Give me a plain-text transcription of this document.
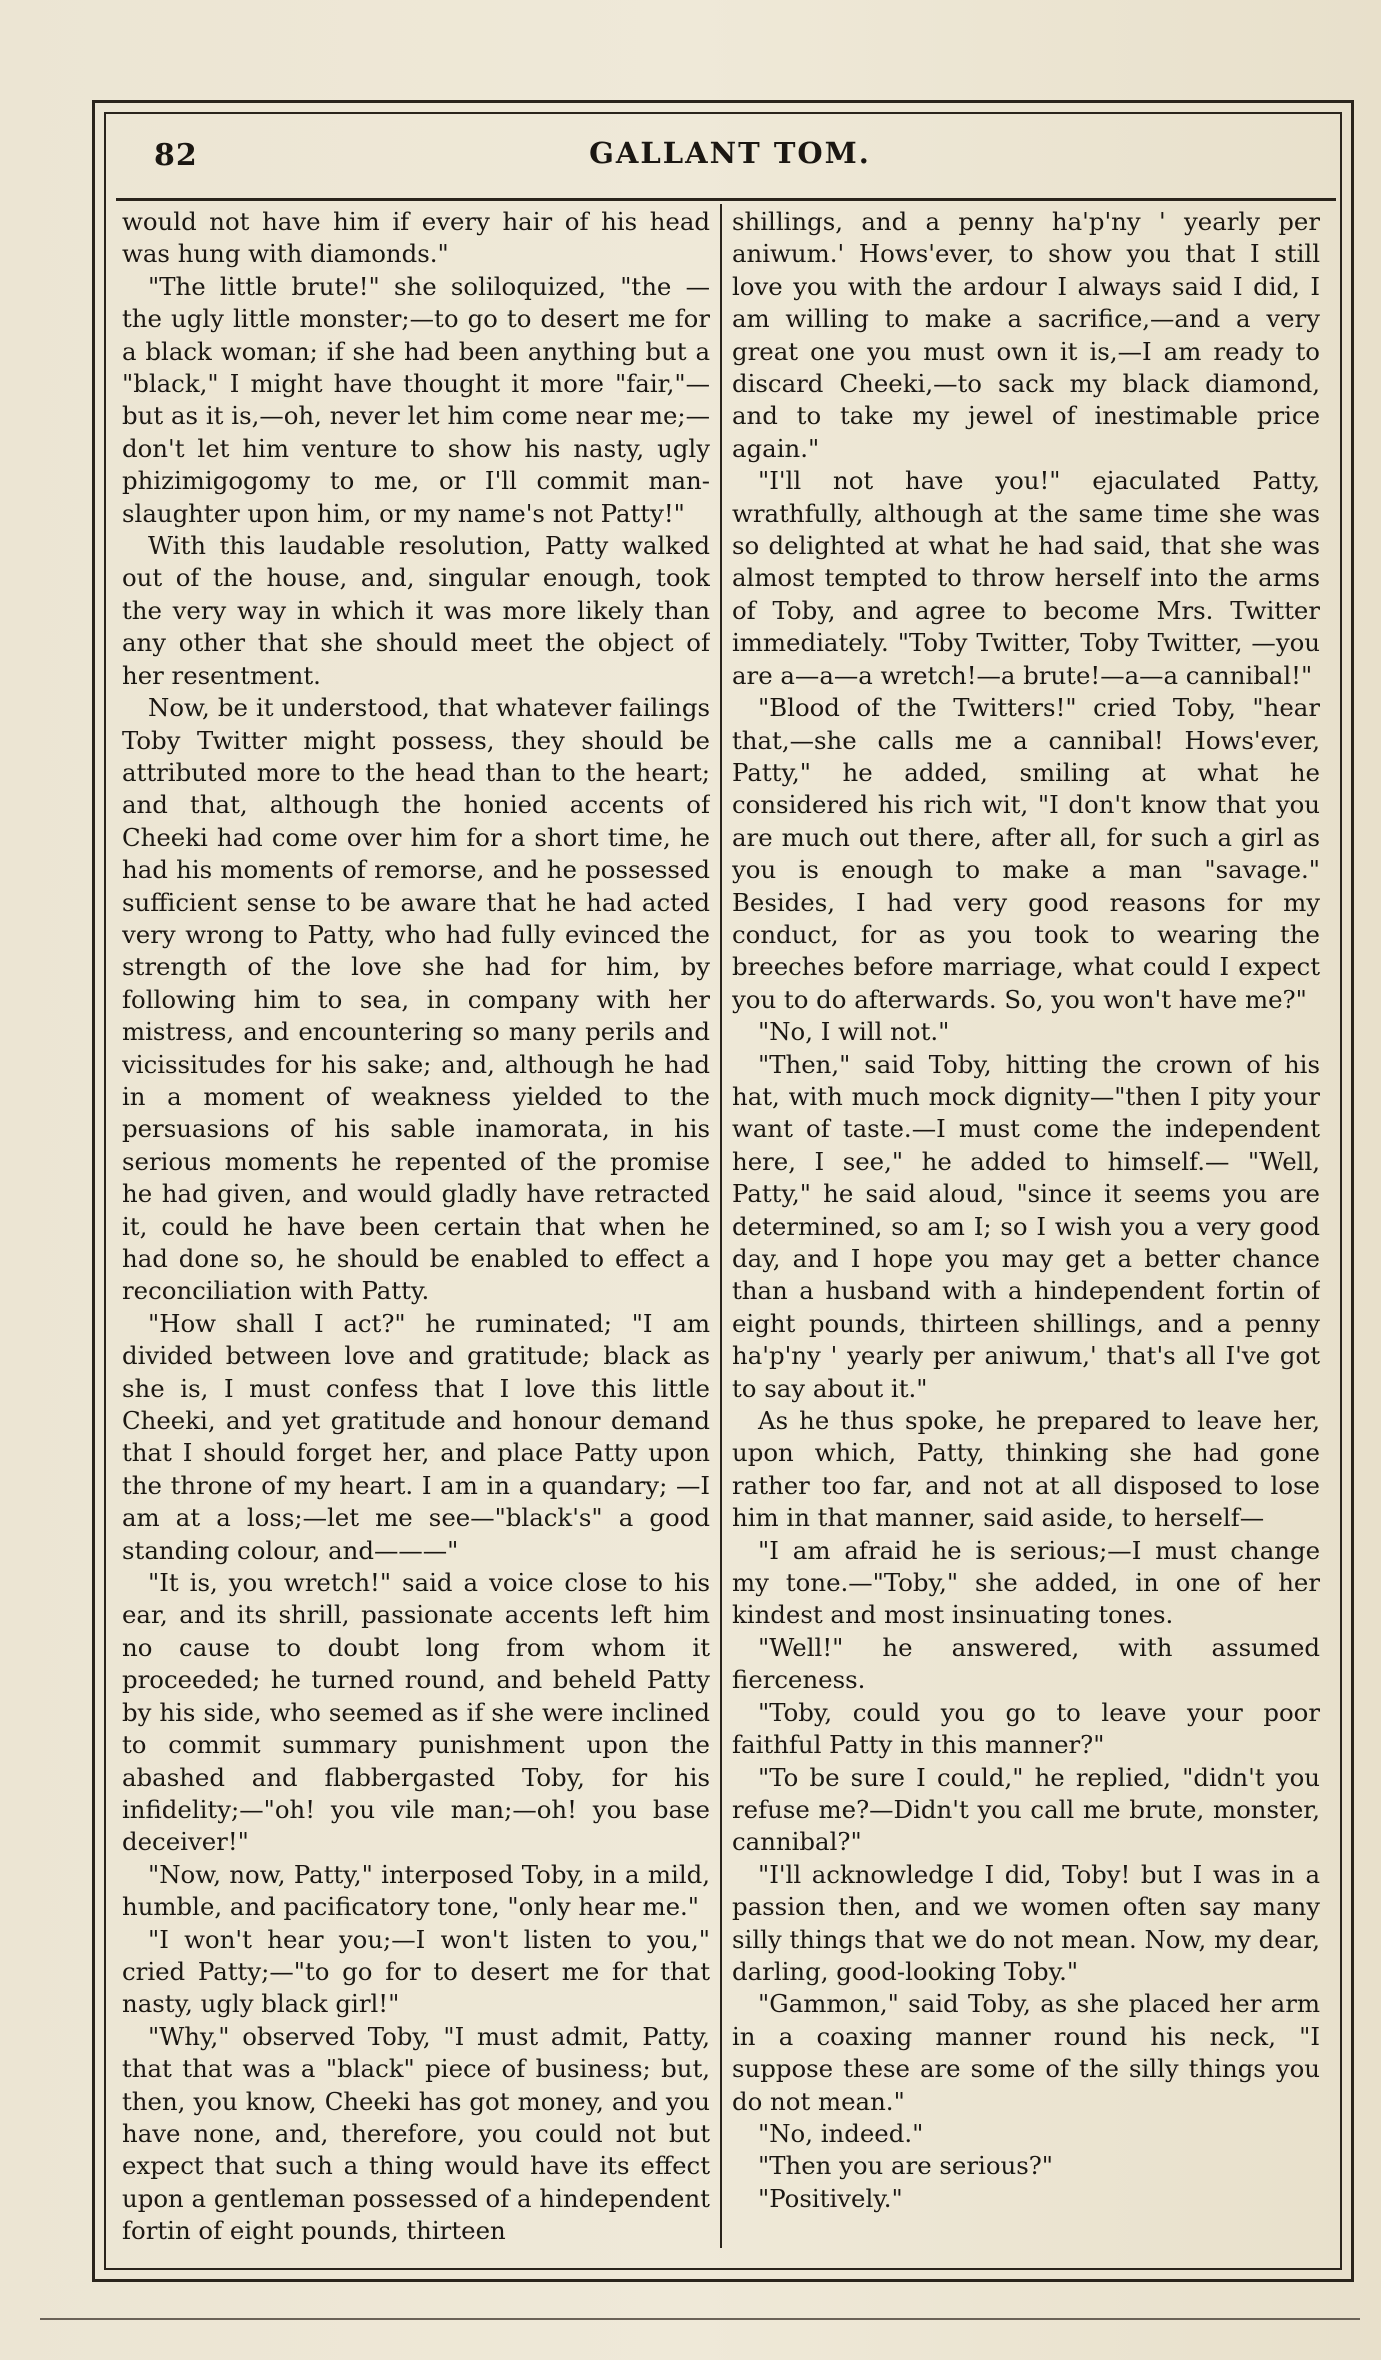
82	GALLANT TOM.

would not have him if every hair of his head was hung with diamonds."

"The little brute!" she soliloquized, "the —the ugly little monster;—to go to desert me for a black woman; if she had been anything but a "black," I might have thought it more "fair,"—but as it is,—oh, never let him come near me;—don't let him venture to show his nasty, ugly phizimigogomy to me, or I'll commit man-slaughter upon him, or my name's not Patty!"

With this laudable resolution, Patty walked out of the house, and, singular enough, took the very way in which it was more likely than any other that she should meet the object of her resentment.

Now, be it understood, that whatever failings Toby Twitter might possess, they should be attributed more to the head than to the heart; and that, although the honied accents of Cheeki had come over him for a short time, he had his moments of remorse, and he possessed sufficient sense to be aware that he had acted very wrong to Patty, who had fully evinced the strength of the love she had for him, by following him to sea, in company with her mistress, and encountering so many perils and vicissitudes for his sake; and, although he had in a moment of weakness yielded to the persuasions of his sable inamorata, in his serious moments he repented of the promise he had given, and would gladly have retracted it, could he have been certain that when he had done so, he should be enabled to effect a reconciliation with Patty.

"How shall I act?" he ruminated; "I am divided between love and gratitude; black as she is, I must confess that I love this little Cheeki, and yet gratitude and honour demand that I should forget her, and place Patty upon the throne of my heart. I am in a quandary; —I am at a loss;—let me see—"black's" a good standing colour, and———"

"It is, you wretch!" said a voice close to his ear, and its shrill, passionate accents left him no cause to doubt long from whom it proceeded; he turned round, and beheld Patty by his side, who seemed as if she were inclined to commit summary punishment upon the abashed and flabbergasted Toby, for his infidelity;—"oh! you vile man;—oh! you base deceiver!"

"Now, now, Patty," interposed Toby, in a mild, humble, and pacificatory tone, "only hear me."

"I won't hear you;—I won't listen to you," cried Patty;—"to go for to desert me for that nasty, ugly black girl!"

"Why," observed Toby, "I must admit, Patty, that that was a "black" piece of business; but, then, you know, Cheeki has got money, and you have none, and, therefore, you could not but expect that such a thing would have its effect upon a gentleman possessed of a hindependent fortin of eight pounds, thirteen

shillings, and a penny ha'p'ny ' yearly per aniwum.' Hows'ever, to show you that I still love you with the ardour I always said I did, I am willing to make a sacrifice,—and a very great one you must own it is,—I am ready to discard Cheeki,—to sack my black diamond, and to take my jewel of inestimable price again."

"I'll not have you!" ejaculated Patty, wrathfully, although at the same time she was so delighted at what he had said, that she was almost tempted to throw herself into the arms of Toby, and agree to become Mrs. Twitter immediately. "Toby Twitter, Toby Twitter, —you are a—a—a wretch!—a brute!—a—a cannibal!"

"Blood of the Twitters!" cried Toby, "hear that,—she calls me a cannibal! Hows'ever, Patty," he added, smiling at what he considered his rich wit, "I don't know that you are much out there, after all, for such a girl as you is enough to make a man "savage." Besides, I had very good reasons for my conduct, for as you took to wearing the breeches before marriage, what could I expect you to do afterwards. So, you won't have me?"

"No, I will not."

"Then," said Toby, hitting the crown of his hat, with much mock dignity—"then I pity your want of taste.—I must come the independent here, I see," he added to himself.— "Well, Patty," he said aloud, "since it seems you are determined, so am I; so I wish you a very good day, and I hope you may get a better chance than a husband with a hindependent fortin of eight pounds, thirteen shillings, and a penny ha'p'ny ' yearly per aniwum,' that's all I've got to say about it."

As he thus spoke, he prepared to leave her, upon which, Patty, thinking she had gone rather too far, and not at all disposed to lose him in that manner, said aside, to herself—

"I am afraid he is serious;—I must change my tone.—"Toby," she added, in one of her kindest and most insinuating tones.

"Well!" he answered, with assumed fierceness.

"Toby, could you go to leave your poor faithful Patty in this manner?"

"To be sure I could," he replied, "didn't you refuse me?—Didn't you call me brute, monster, cannibal?"

"I'll acknowledge I did, Toby! but I was in a passion then, and we women often say many silly things that we do not mean. Now, my dear, darling, good-looking Toby."

"Gammon," said Toby, as she placed her arm in a coaxing manner round his neck, "I suppose these are some of the silly things you do not mean."

"No, indeed."

"Then you are serious?"

"Positively."
